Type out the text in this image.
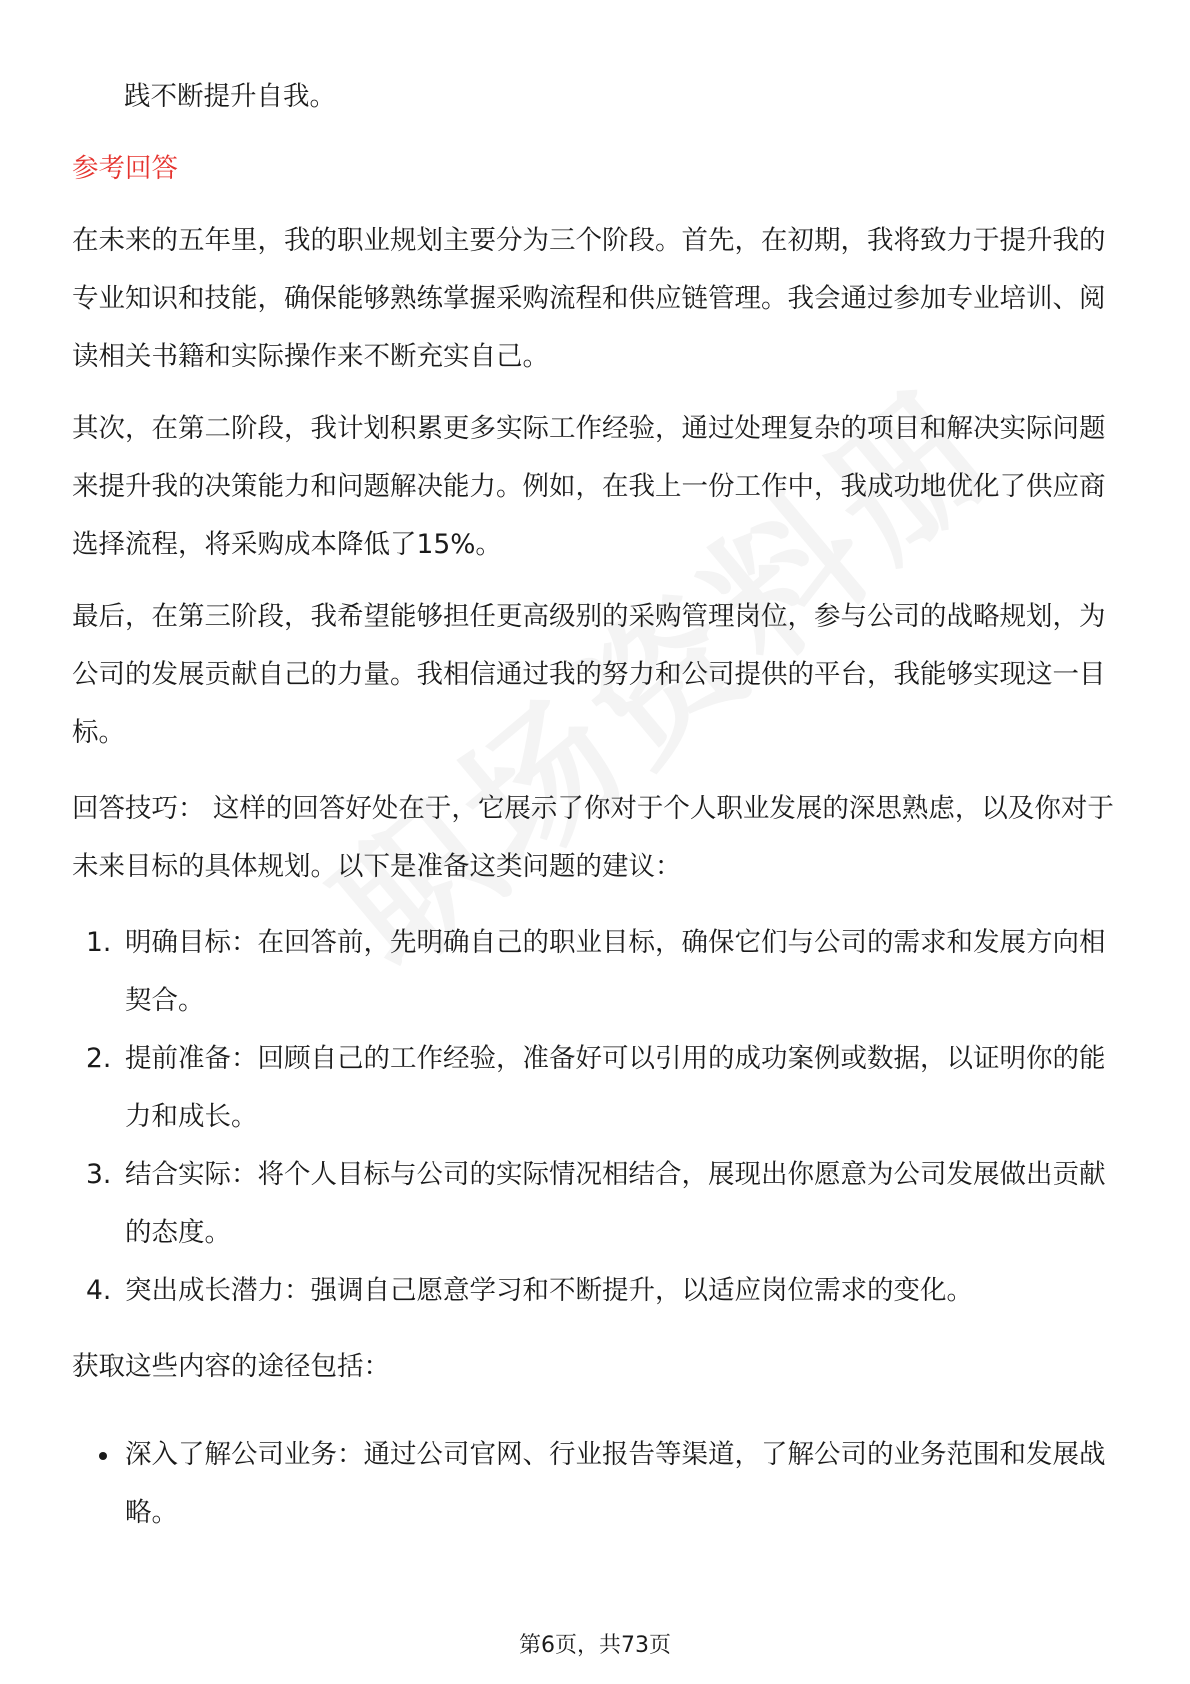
践不断提升自我。

参考回答

在未来的五年里，我的职业规划主要分为三个阶段。首先，在初期，我将致力于提升我的专业知识和技能，确保能够熟练掌握采购流程和供应链管理。我会通过参加专业培训、阅读相关书籍和实际操作来不断充实自己。

其次，在第二阶段，我计划积累更多实际工作经验，通过处理复杂的项目和解决实际问题来提升我的决策能力和问题解决能力。例如，在我上一份工作中，我成功地优化了供应商选择流程，将采购成本降低了15%。

最后，在第三阶段，我希望能够担任更高级别的采购管理岗位，参与公司的战略规划，为公司的发展贡献自己的力量。我相信通过我的努力和公司提供的平台，我能够实现这一目标。

回答技巧： 这样的回答好处在于，它展示了你对于个人职业发展的深思熟虑，以及你对于未来目标的具体规划。以下是准备这类问题的建议：

1. 明确目标：在回答前，先明确自己的职业目标，确保它们与公司的需求和发展方向相契合。
2. 提前准备：回顾自己的工作经验，准备好可以引用的成功案例或数据，以证明你的能力和成长。
3. 结合实际：将个人目标与公司的实际情况相结合，展现出你愿意为公司发展做出贡献的态度。
4. 突出成长潜力：强调自己愿意学习和不断提升，以适应岗位需求的变化。

获取这些内容的途径包括：

深入了解公司业务：通过公司官网、行业报告等渠道，了解公司的业务范围和发展战略。
第6页，共73页
